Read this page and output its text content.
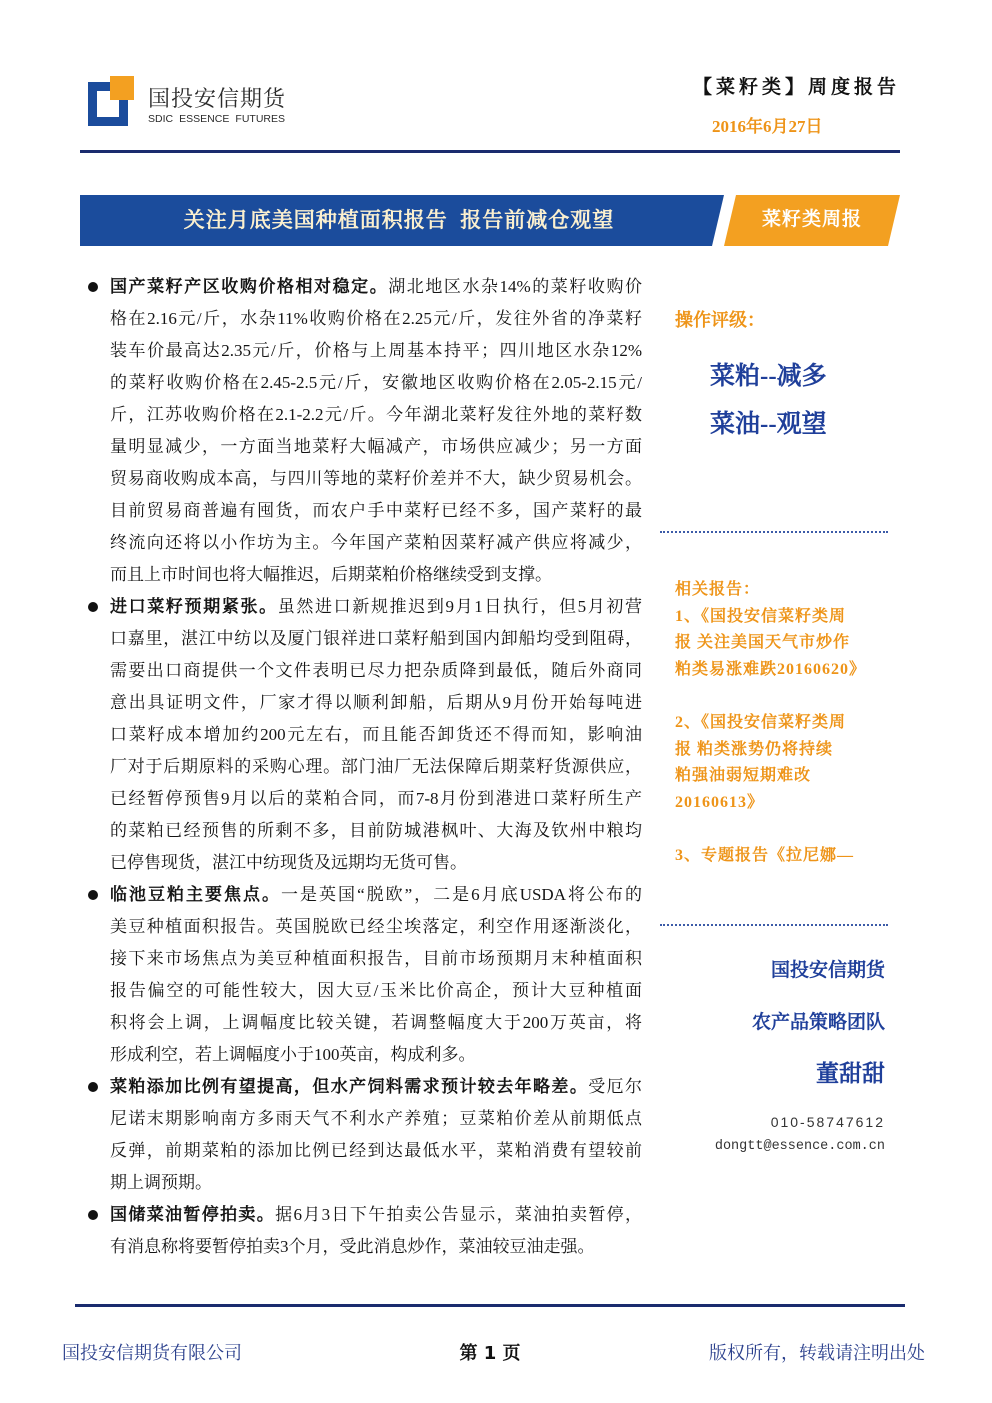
国投安信期货
SDIC ESSENCE FUTURES
【菜籽类】周度报告
2016年6月27日
关注月底美国种植面积报告  报告前减仓观望	菜籽类周报
国产菜籽产区收购价格相对稳定。湖北地区水杂14%的菜籽收购价
格在2.16元/斤，水杂11%收购价格在2.25元/斤，发往外省的净菜籽
装车价最高达2.35元/斤，价格与上周基本持平；四川地区水杂12%
的菜籽收购价格在2.45-2.5元/斤，安徽地区收购价格在2.05-2.15元/
斤，江苏收购价格在2.1-2.2元/斤。今年湖北菜籽发往外地的菜籽数
量明显减少，一方面当地菜籽大幅减产，市场供应减少；另一方面
贸易商收购成本高，与四川等地的菜籽价差并不大，缺少贸易机会。
目前贸易商普遍有囤货，而农户手中菜籽已经不多，国产菜籽的最
终流向还将以小作坊为主。今年国产菜粕因菜籽减产供应将减少，
而且上市时间也将大幅推迟，后期菜粕价格继续受到支撑。
进口菜籽预期紧张。虽然进口新规推迟到9月1日执行，但5月初营
口嘉里，湛江中纺以及厦门银祥进口菜籽船到国内卸船均受到阻碍，
需要出口商提供一个文件表明已尽力把杂质降到最低，随后外商同
意出具证明文件，厂家才得以顺利卸船，后期从9月份开始每吨进
口菜籽成本增加约200元左右，而且能否卸货还不得而知，影响油
厂对于后期原料的采购心理。部门油厂无法保障后期菜籽货源供应，
已经暂停预售9月以后的菜粕合同，而7-8月份到港进口菜籽所生产
的菜粕已经预售的所剩不多，目前防城港枫叶、大海及钦州中粮均
已停售现货，湛江中纺现货及远期均无货可售。
临池豆粕主要焦点。一是英国“脱欧”，二是6月底USDA将公布的
美豆种植面积报告。英国脱欧已经尘埃落定，利空作用逐渐淡化，
接下来市场焦点为美豆种植面积报告，目前市场预期月末种植面积
报告偏空的可能性较大，因大豆/玉米比价高企，预计大豆种植面
积将会上调，上调幅度比较关键，若调整幅度大于200万英亩，将
形成利空，若上调幅度小于100英亩，构成利多。
菜粕添加比例有望提高，但水产饲料需求预计较去年略差。受厄尔
尼诺末期影响南方多雨天气不利水产养殖；豆菜粕价差从前期低点
反弹，前期菜粕的添加比例已经到达最低水平，菜粕消费有望较前
期上调预期。
国储菜油暂停拍卖。据6月3日下午拍卖公告显示，菜油拍卖暂停，
有消息称将要暂停拍卖3个月，受此消息炒作，菜油较豆油走强。
操作评级：
菜粕--减多
菜油--观望
相关报告：
1、《国投安信菜籽类周
报 关注美国天气市炒作
粕类易涨难跌20160620》
2、《国投安信菜籽类周
报 粕类涨势仍将持续
粕强油弱短期难改
20160613》
3、专题报告《拉尼娜—
国投安信期货
农产品策略团队
董甜甜
010-58747612
dongtt@essence.com.cn
国投安信期货有限公司	第 1 页	版权所有，转载请注明出处
